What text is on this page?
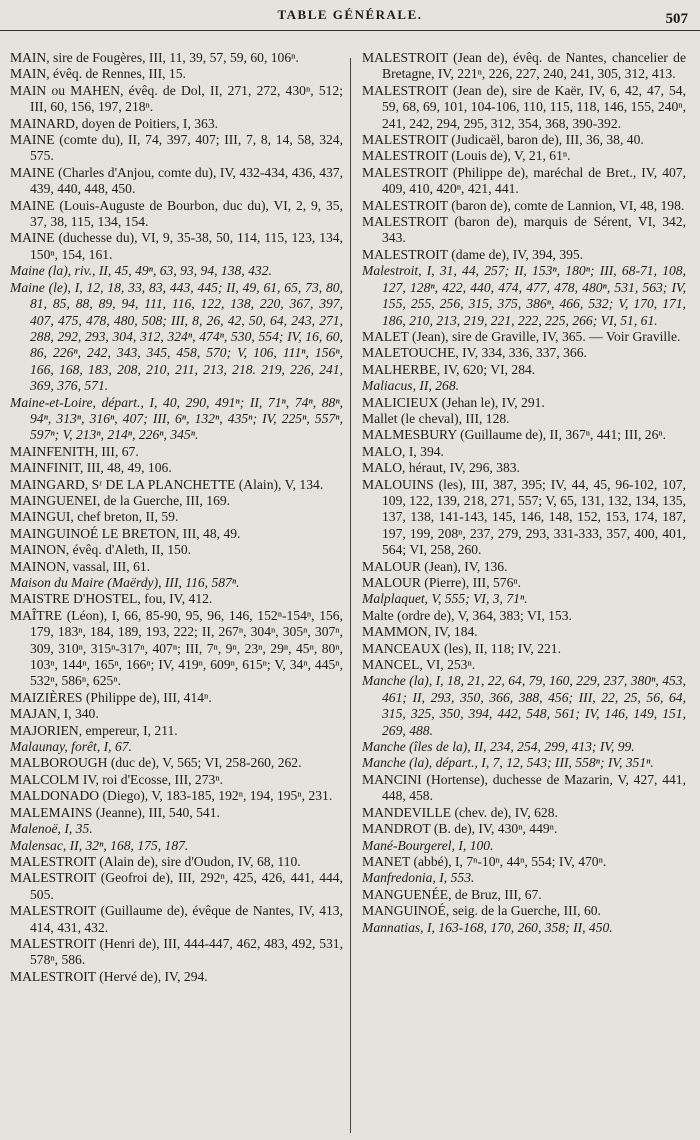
TABLE GÉNÉRALE.	507

MAIN, sire de Fougères, III, 11, 39, 57, 59, 60, 106ⁿ.

MAIN, évêq. de Rennes, III, 15.

MAIN ou MAHEN, évêq. de Dol, II, 271, 272, 430ⁿ, 512; III, 60, 156, 197, 218ⁿ.

MAINARD, doyen de Poitiers, I, 363.

MAINE (comte du), II, 74, 397, 407; III, 7, 8, 14, 58, 324, 575.

MAINE (Charles d'Anjou, comte du), IV, 432-434, 436, 437, 439, 440, 448, 450.

MAINE (Louis-Auguste de Bourbon, duc du), VI, 2, 9, 35, 37, 38, 115, 134, 154.

MAINE (duchesse du), VI, 9, 35-38, 50, 114, 115, 123, 134, 150ⁿ, 154, 161.

Maine (la), riv., II, 45, 49ⁿ, 63, 93, 94, 138, 432.

Maine (le), I, 12, 18, 33, 83, 443, 445; II, 49, 61, 65, 73, 80, 81, 85, 88, 89, 94, 111, 116, 122, 138, 220, 367, 397, 407, 475, 478, 480, 508; III, 8, 26, 42, 50, 64, 243, 271, 288, 292, 293, 304, 312, 324ⁿ, 474ⁿ, 530, 554; IV, 16, 60, 86, 226ⁿ, 242, 343, 345, 458, 570; V, 106, 111ⁿ, 156ⁿ, 166, 168, 183, 208, 210, 211, 213, 218. 219, 226, 241, 369, 376, 571.

Maine-et-Loire, départ., I, 40, 290, 491ⁿ; II, 71ⁿ, 74ⁿ, 88ⁿ, 94ⁿ, 313ⁿ, 316ⁿ, 407; III, 6ⁿ, 132ⁿ, 435ⁿ; IV, 225ⁿ, 557ⁿ, 597ⁿ; V, 213ⁿ, 214ⁿ, 226ⁿ, 345ⁿ.

MAINFENITH, III, 67.

MAINFINIT, III, 48, 49, 106.

MAINGARD, Sʳ DE LA PLANCHETTE (Alain), V, 134.

MAINGUENEI, de la Guerche, III, 169.

MAINGUI, chef breton, II, 59.

MAINGUINOÉ LE BRETON, III, 48, 49.

MAINON, évêq. d'Aleth, II, 150.

MAINON, vassal, III, 61.

Maison du Maire (Maërdy), III, 116, 587ⁿ.

MAISTRE D'HOSTEL, fou, IV, 412.

MAÎTRE (Léon), I, 66, 85-90, 95, 96, 146, 152ⁿ-154ⁿ, 156, 179, 183ⁿ, 184, 189, 193, 222; II, 267ⁿ, 304ⁿ, 305ⁿ, 307ⁿ, 309, 310ⁿ, 315ⁿ-317ⁿ, 407ⁿ; III, 7ⁿ, 9ⁿ, 23ⁿ, 29ⁿ, 45ⁿ, 80ⁿ, 103ⁿ, 144ⁿ, 165ⁿ, 166ⁿ; IV, 419ⁿ, 609ⁿ, 615ⁿ; V, 34ⁿ, 445ⁿ, 532ⁿ, 586ⁿ, 625ⁿ.

MAIZIÈRES (Philippe de), III, 414ⁿ.

MAJAN, I, 340.

MAJORIEN, empereur, I, 211.

Malaunay, forêt, I, 67.

MALBOROUGH (duc de), V, 565; VI, 258-260, 262.

MALCOLM IV, roi d'Ecosse, III, 273ⁿ.

MALDONADO (Diego), V, 183-185, 192ⁿ, 194, 195ⁿ, 231.

MALEMAINS (Jeanne), III, 540, 541.

Malenoë, I, 35.

Malensac, II, 32ⁿ, 168, 175, 187.

MALESTROIT (Alain de), sire d'Oudon, IV, 68, 110.

MALESTROIT (Geofroi de), III, 292ⁿ, 425, 426, 441, 444, 505.

MALESTROIT (Guillaume de), évêque de Nantes, IV, 413, 414, 431, 432.

MALESTROIT (Henri de), III, 444-447, 462, 483, 492, 531, 578ⁿ, 586.

MALESTROIT (Hervé de), IV, 294.

MALESTROIT (Jean de), évêq. de Nantes, chancelier de Bretagne, IV, 221ⁿ, 226, 227, 240, 241, 305, 312, 413.

MALESTROIT (Jean de), sire de Kaër, IV, 6, 42, 47, 54, 59, 68, 69, 101, 104-106, 110, 115, 118, 146, 155, 240ⁿ, 241, 242, 294, 295, 312, 354, 368, 390-392.

MALESTROIT (Judicaël, baron de), III, 36, 38, 40.

MALESTROIT (Louis de), V, 21, 61ⁿ.

MALESTROIT (Philippe de), maréchal de Bret., IV, 407, 409, 410, 420ⁿ, 421, 441.

MALESTROIT (baron de), comte de Lannion, VI, 48, 198.

MALESTROIT (baron de), marquis de Sérent, VI, 342, 343.

MALESTROIT (dame de), IV, 394, 395.

Malestroit, I, 31, 44, 257; II, 153ⁿ, 180ⁿ; III, 68-71, 108, 127, 128ⁿ, 422, 440, 474, 477, 478, 480ⁿ, 531, 563; IV, 155, 255, 256, 315, 375, 386ⁿ, 466, 532; V, 170, 171, 186, 210, 213, 219, 221, 222, 225, 266; VI, 51, 61.

MALET (Jean), sire de Graville, IV, 365. — Voir Graville.

MALETOUCHE, IV, 334, 336, 337, 366.

MALHERBE, IV, 620; VI, 284.

Maliacus, II, 268.

MALICIEUX (Jehan le), IV, 291.

Mallet (le cheval), III, 128.

MALMESBURY (Guillaume de), II, 367ⁿ, 441; III, 26ⁿ.

MALO, I, 394.

MALO, héraut, IV, 296, 383.

MALOUINS (les), III, 387, 395; IV, 44, 45, 96-102, 107, 109, 122, 139, 218, 271, 557; V, 65, 131, 132, 134, 135, 137, 138, 141-143, 145, 146, 148, 152, 153, 174, 187, 197, 199, 208ⁿ, 237, 279, 293, 331-333, 357, 400, 401, 564; VI, 258, 260.

MALOUR (Jean), IV, 136.

MALOUR (Pierre), III, 576ⁿ.

Malplaquet, V, 555; VI, 3, 71ⁿ.

Malte (ordre de), V, 364, 383; VI, 153.

MAMMON, IV, 184.

MANCEAUX (les), II, 118; IV, 221.

MANCEL, VI, 253ⁿ.

Manche (la), I, 18, 21, 22, 64, 79, 160, 229, 237, 380ⁿ, 453, 461; II, 293, 350, 366, 388, 456; III, 22, 25, 56, 64, 315, 325, 350, 394, 442, 548, 561; IV, 146, 149, 151, 269, 488.

Manche (îles de la), II, 234, 254, 299, 413; IV, 99.

Manche (la), départ., I, 7, 12, 543; III, 558ⁿ; IV, 351ⁿ.

MANCINI (Hortense), duchesse de Mazarin, V, 427, 441, 448, 458.

MANDEVILLE (chev. de), IV, 628.

MANDROT (B. de), IV, 430ⁿ, 449ⁿ.

Mané-Bourgerel, I, 100.

MANET (abbé), I, 7ⁿ-10ⁿ, 44ⁿ, 554; IV, 470ⁿ.

Manfredonia, I, 553.

MANGUENÉE, de Bruz, III, 67.

MANGUINOÉ, seig. de la Guerche, III, 60.

Mannatias, I, 163-168, 170, 260, 358; II, 450.
